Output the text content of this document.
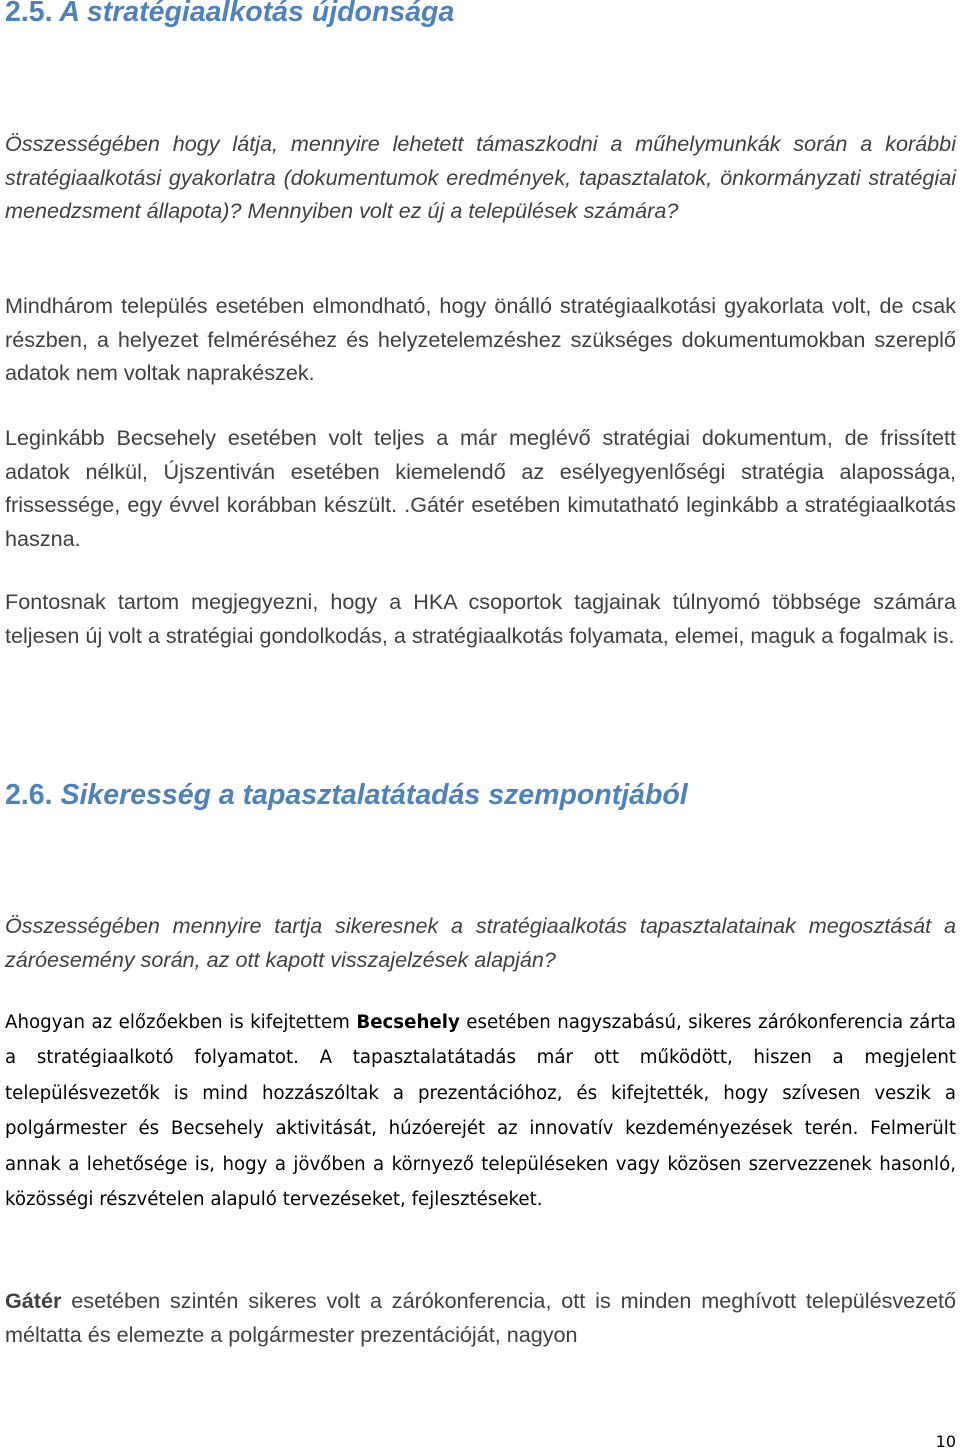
2.5. A stratégiaalkotás újdonsága

Összességében hogy látja, mennyire lehetett támaszkodni a műhelymunkák során a korábbi stratégiaalkotási gyakorlatra (dokumentumok eredmények, tapasztalatok, önkormányzati stratégiai menedzsment állapota)? Mennyiben volt ez új a települések számára?

Mindhárom település esetében elmondható, hogy önálló stratégiaalkotási gyakorlata volt, de csak részben, a helyezet felméréséhez és helyzetelemzéshez szükséges dokumentumokban szereplő adatok nem voltak naprakészek.

Leginkább Becsehely esetében volt teljes a már meglévő stratégiai dokumentum, de frissített adatok nélkül, Újszentiván esetében kiemelendő az esélyegyenlőségi stratégia alapossága, frissessége, egy évvel korábban készült. .Gátér esetében kimutatható leginkább a stratégiaalkotás haszna.

Fontosnak tartom megjegyezni, hogy a HKA csoportok tagjainak túlnyomó többsége számára teljesen új volt a stratégiai gondolkodás, a stratégiaalkotás folyamata, elemei, maguk a fogalmak is.

2.6. Sikeresség a tapasztalatátadás szempontjából

Összességében mennyire tartja sikeresnek a stratégiaalkotás tapasztalatainak megosztását a záróesemény során, az ott kapott visszajelzések alapján?

Ahogyan az előzőekben is kifejtettem Becsehely esetében nagyszabású, sikeres zárókonferencia zárta a stratégiaalkotó folyamatot. A tapasztalatátadás már ott működött, hiszen a megjelent településvezetők is mind hozzászóltak a prezentációhoz, és kifejtették, hogy szívesen veszik a polgármester és Becsehely aktivitását, húzóerejét az innovatív kezdeményezések terén. Felmerült annak a lehetősége is, hogy a jövőben a környező településeken vagy közösen szervezzenek hasonló, közösségi részvételen alapuló tervezéseket, fejlesztéseket.

Gátér esetében szintén sikeres volt a zárókonferencia, ott is minden meghívott településvezető méltatta és elemezte a polgármester prezentációját, nagyon

10
